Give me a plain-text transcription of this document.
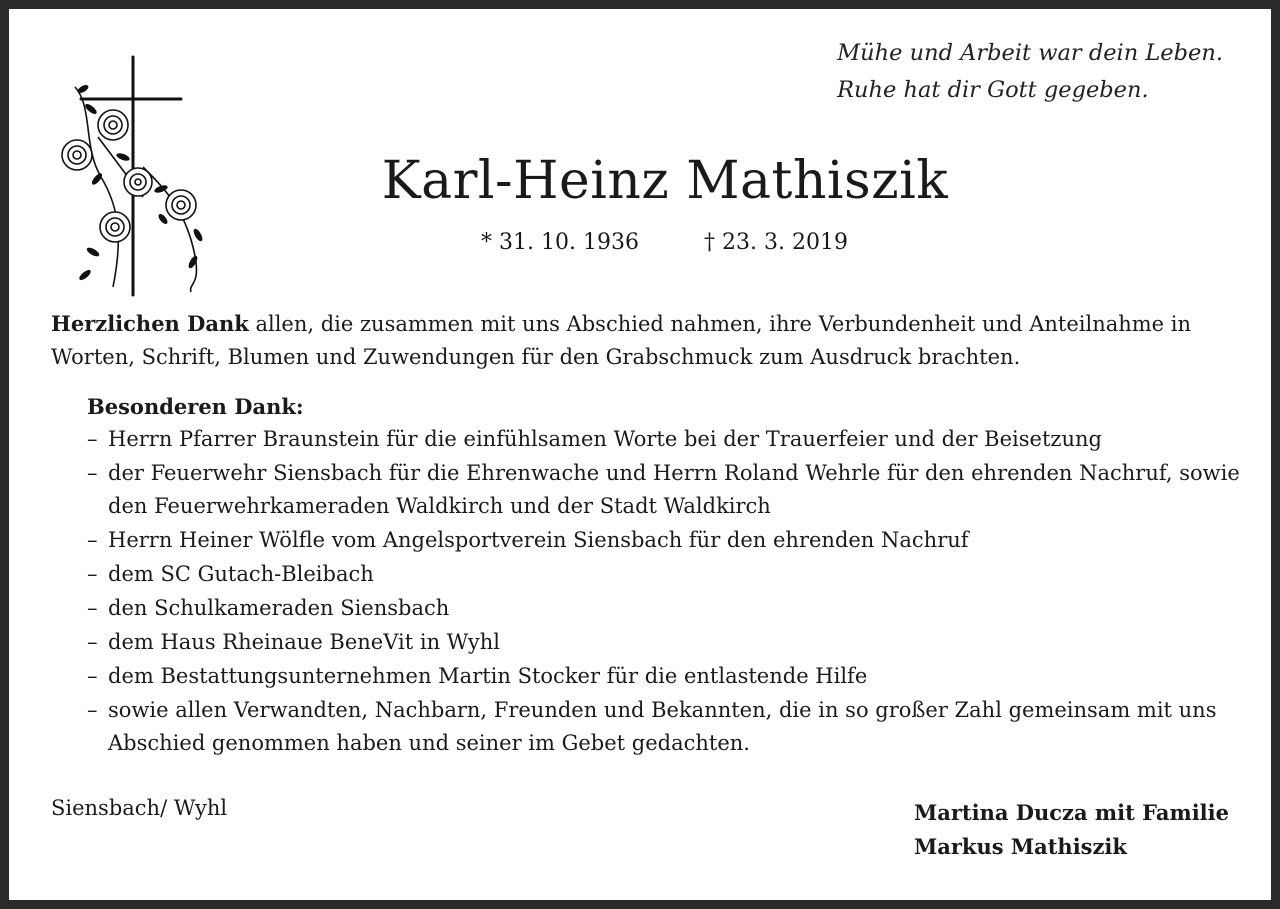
Mühe und Arbeit war dein Leben.
Ruhe hat dir Gott gegeben.
Karl-Heinz Mathiszik
* 31. 10. 1936	† 23. 3. 2019

Herzlichen Dank allen, die zusammen mit uns Abschied nahmen, ihre Verbundenheit und Anteilnahme in Worten, Schrift, Blumen und Zuwendungen für den Grabschmuck zum Ausdruck brachten.

Besonderen Dank:

– Herrn Pfarrer Braunstein für die einfühlsamen Worte bei der Trauerfeier und der Beisetzung
– der Feuerwehr Siensbach für die Ehrenwache und Herrn Roland Wehrle für den ehrenden Nachruf, sowie den Feuerwehrkameraden Waldkirch und der Stadt Waldkirch
– Herrn Heiner Wölfle vom Angelsportverein Siensbach für den ehrenden Nachruf
– dem SC Gutach-Bleibach
– den Schulkameraden Siensbach
– dem Haus Rheinaue BeneVit in Wyhl
– dem Bestattungsunternehmen Martin Stocker für die entlastende Hilfe
– sowie allen Verwandten, Nachbarn, Freunden und Bekannten, die in so großer Zahl gemeinsam mit uns Abschied genommen haben und seiner im Gebet gedachten.
Siensbach/ Wyhl	Martina Ducza mit Familie
Markus Mathiszik
